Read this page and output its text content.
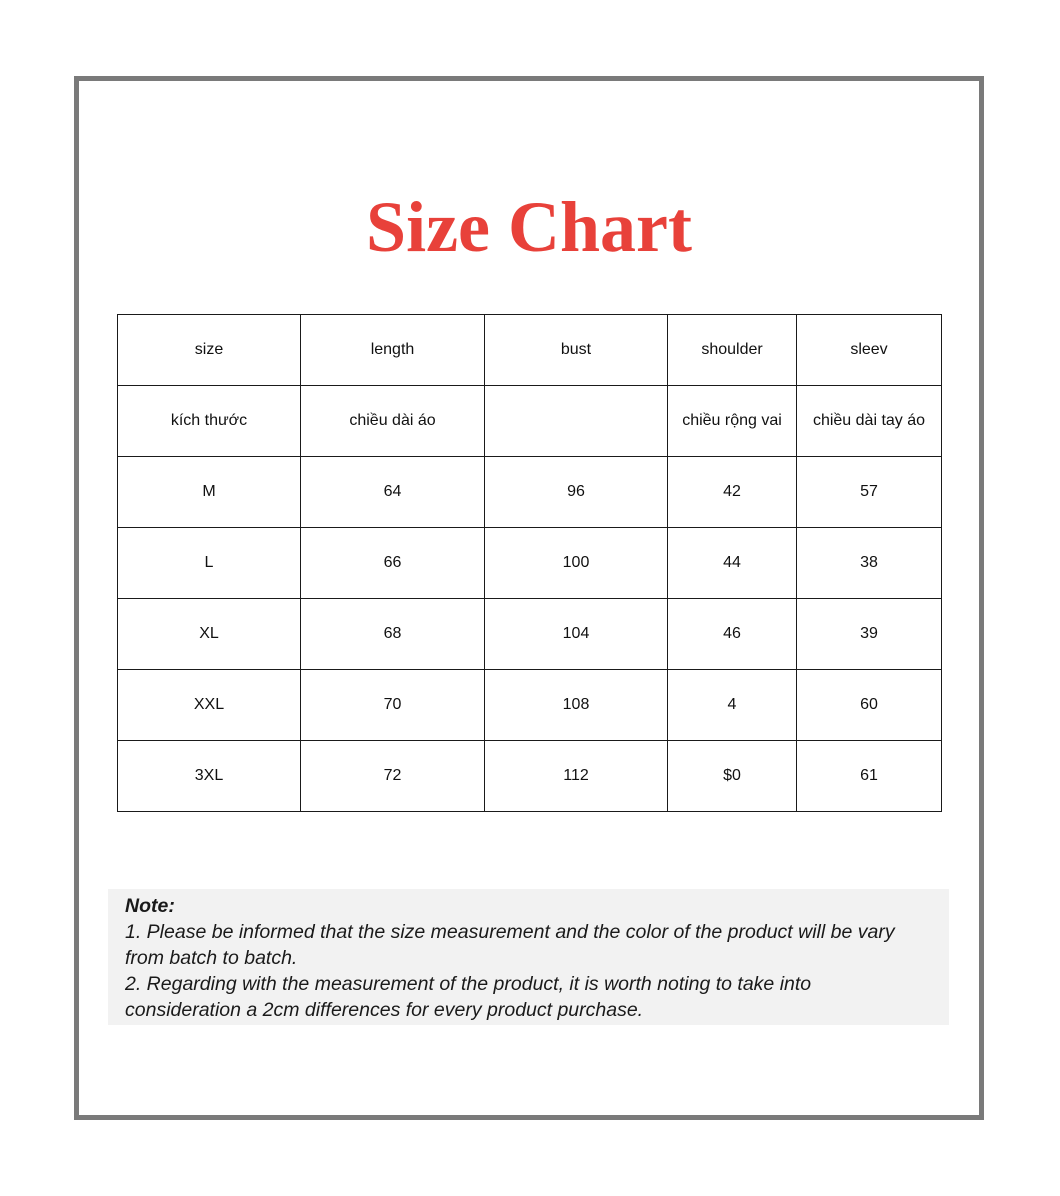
Size Chart
size	length	bust	shoulder	sleev
kích thước	chiều dài áo		chiều rộng vai	chiều dài tay áo
M	64	96	42	57
L	66	100	44	38
XL	68	104	46	39
XXL	70	108	4	60
3XL	72	112	$0	61
Note:
1. Please be informed that the size measurement and the color of the product will be vary from batch to batch.
2. Regarding with the measurement of the product, it is worth noting to take into consideration a 2cm differences for every product purchase.
